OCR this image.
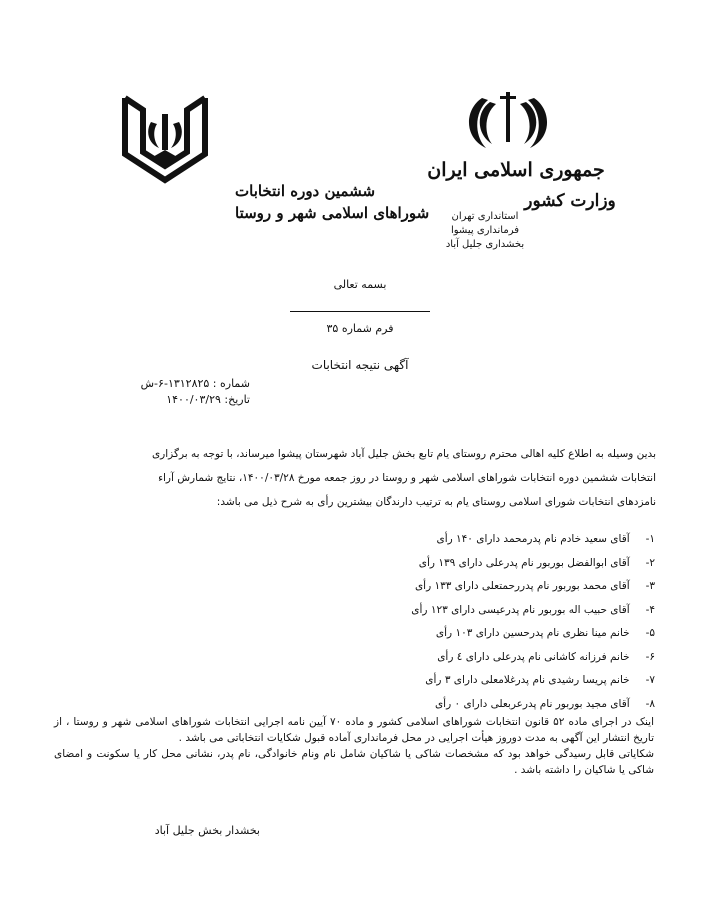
جمهوری اسلامی ایران
وزارت کشور
استانداری تهران
فرمانداری پیشوا
بخشداری جلیل آباد
ششمین دوره انتخابات
شوراهای اسلامی شهر و روستا
بسمه تعالی
فرم شماره ۳۵
آگهی نتیجه انتخابات
شماره : ۱۳۱۲۸۲۵-۶-ش
تاریخ: ۱۴۰۰/۰۳/۲۹

بدین وسیله به اطلاع کلیه اهالی محترم روستای یام تابع بخش جلیل آباد شهرستان پیشوا میرساند، با توجه به برگزاری

انتخابات ششمین دوره انتخابات شوراهای اسلامی شهر و روستا در روز جمعه مورخ ۱۴۰۰/۰۳/۲۸، نتایج شمارش آراء

نامزدهای انتخابات شورای اسلامی روستای یام به ترتیب دارندگان بیشترین رأی به شرح ذیل می باشد:

۱- آقای سعید خادم نام پدرمحمد دارای ۱۴۰ رأی
۲- آقای ابوالفضل بوربور نام پدرعلی دارای ۱۳۹ رأی
۳- آقای محمد بوربور نام پدررحمتعلی دارای ۱۳۳ رأی
۴- آقای حبیب اله بوربور نام پدرعیسی دارای ۱۲۳ رأی
۵- خانم مینا نظری نام پدرحسین دارای ۱۰۳ رأی
۶- خانم فرزانه کاشانی نام پدرعلی دارای ٤ رأی
۷- خانم پریسا رشیدی نام پدرغلامعلی دارای ۳ رأی
۸- آقای مجید بوربور نام پدرعربعلی دارای ۰ رأی

اینک در اجرای ماده ۵۲ قانون انتخابات شوراهای اسلامی کشور و ماده ۷۰ آیین نامه اجرایی انتخابات شوراهای اسلامی شهر و روستا ، از تاریخ انتشار این آگهی به مدت دوروز هیأت اجرایی در محل فرمانداری آماده قبول شکایات انتخاباتی می باشد .

شکایاتی قابل رسیدگی خواهد بود که مشخصات شاکی یا شاکیان شامل نام ونام خانوادگی، نام پدر، نشانی محل کار یا سکونت و امضای شاکی یا شاکیان را داشته باشد .

بخشدار بخش جلیل آباد
